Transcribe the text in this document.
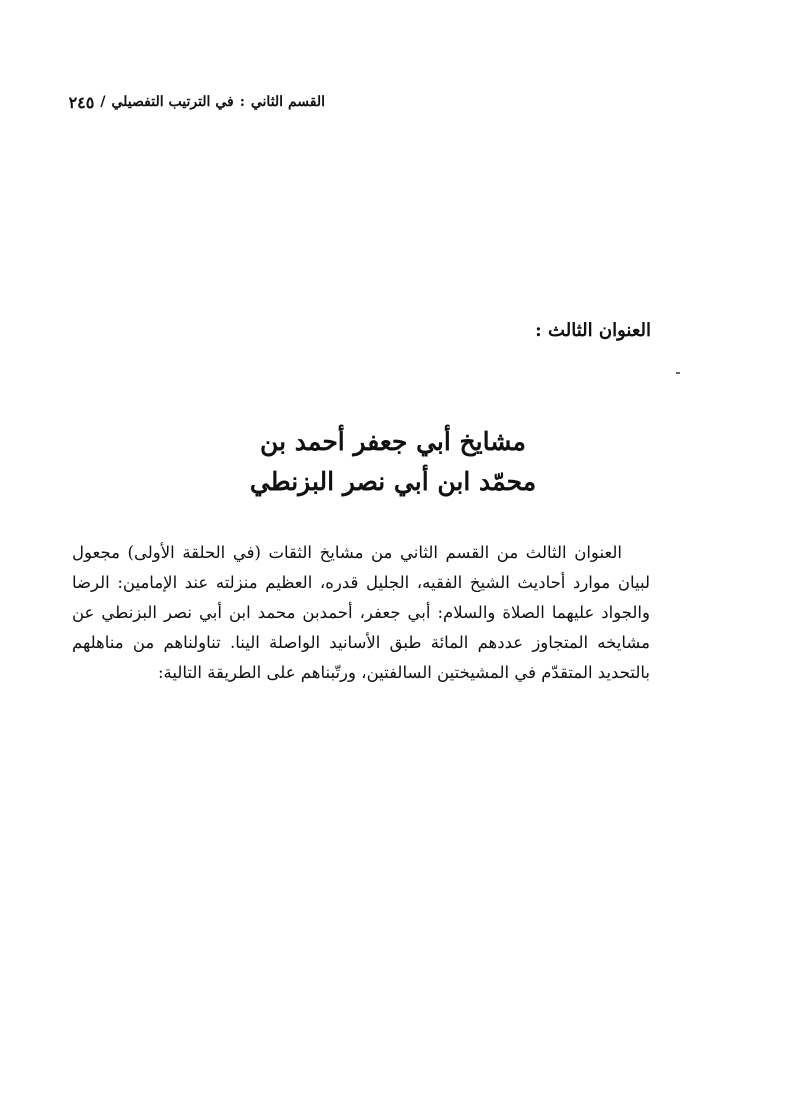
القسم الثاني
:
في الترتيب التفصيلي
/
٢٤٥
العنوان الثالث :
مشايخ أبي جعفر أحمد بن
محمّد ابن أبي نصر البزنطي
العنوان الثالث من القسم الثاني من مشايخ الثقات (في الحلقة الأولى) مجعول
لبيان موارد أحاديث الشيخ الفقيه، الجليل قدره، العظيم منزلته عند الإمامين: الرضا
والجواد عليهما الصلاة والسلام: أبي جعفر، أحمدبن محمد ابن أبي نصر البزنطي عن
مشايخه المتجاوز عددهم المائة طبق الأسانيد الواصلة الينا. تناولناهم من مناهلهم
بالتحديد المتقدّم في المشيختين السالفتين، ورتّبناهم على الطريقة التالية:
